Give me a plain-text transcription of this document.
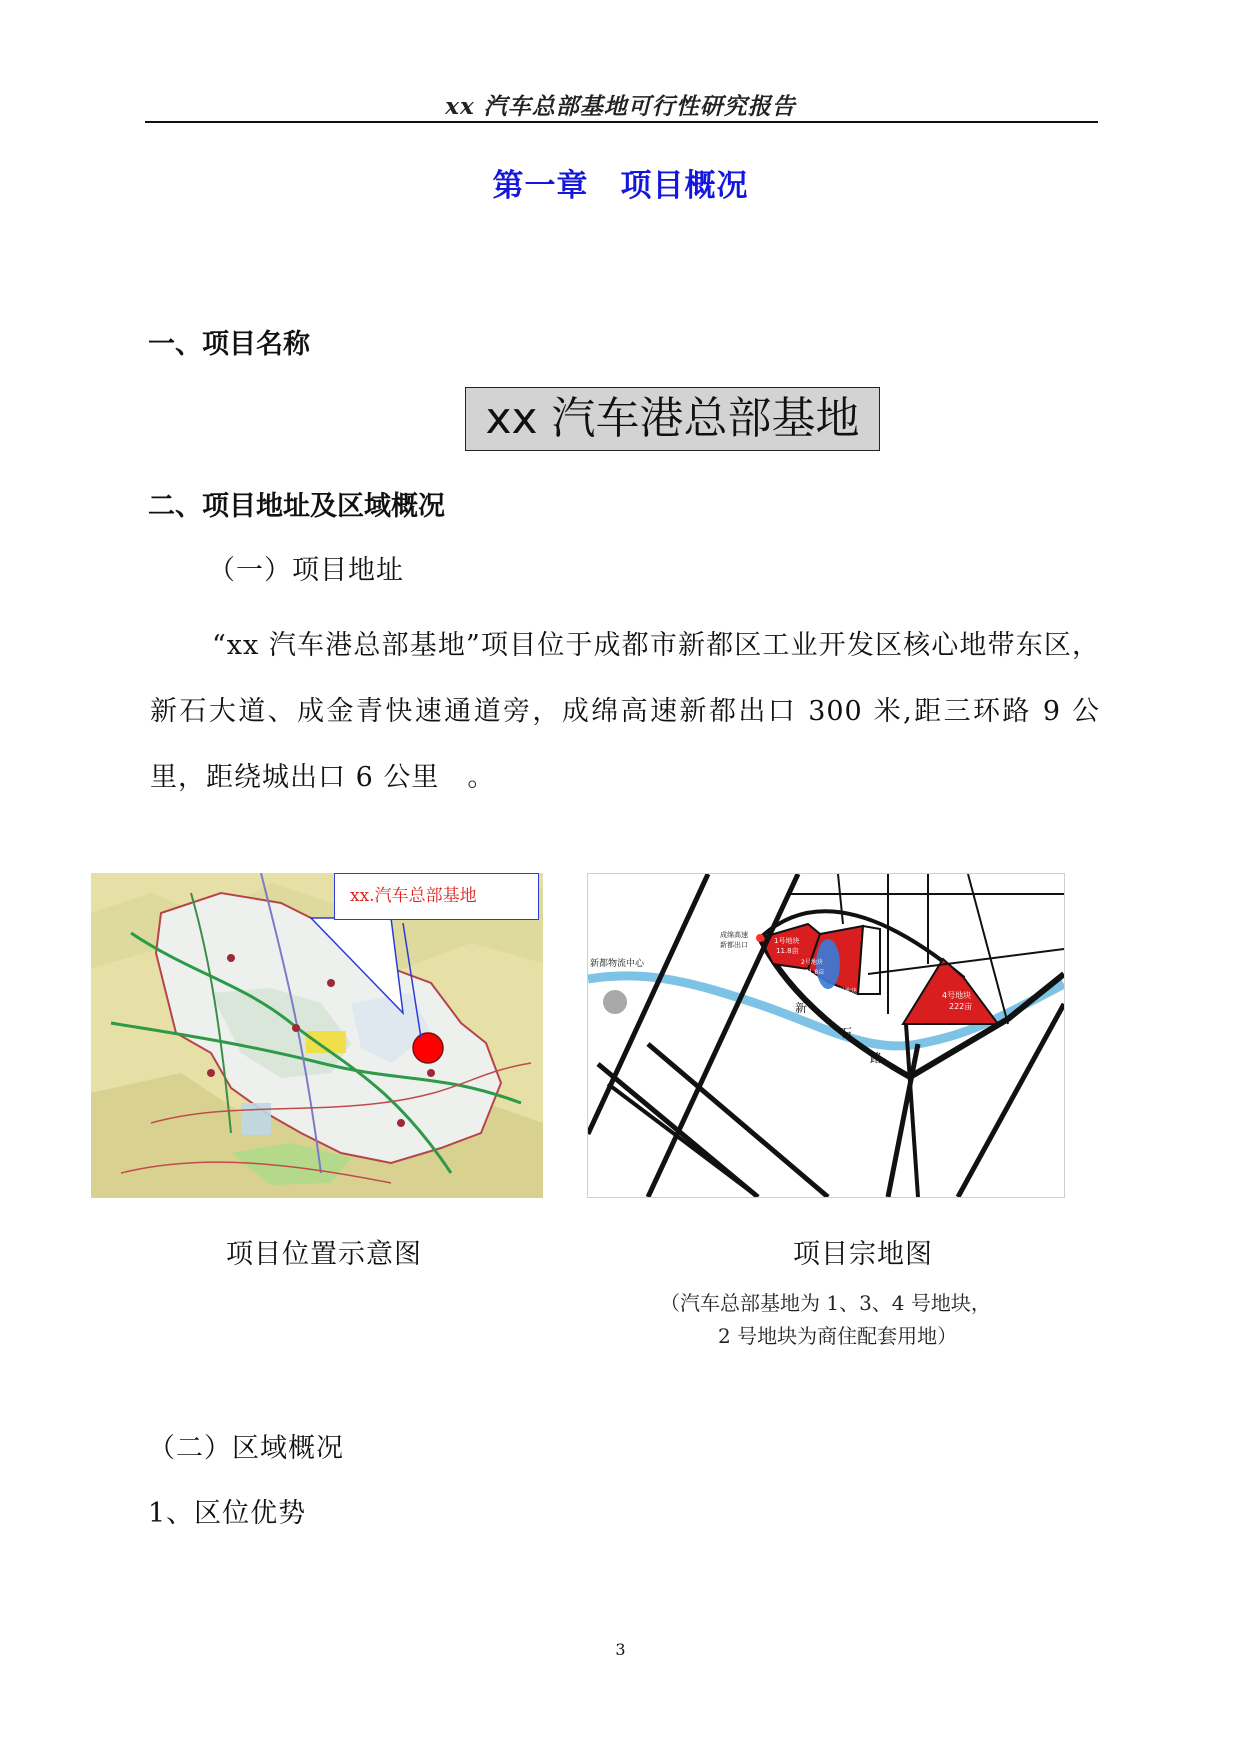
xx 汽车总部基地可行性研究报告
第一章　项目概况
一、项目名称
xx 汽车港总部基地
二、项目地址及区域概况
（一）项目地址
“xx 汽车港总部基地”项目位于成都市新都区工业开发区核心地带东区，新石大道、成金青快速通道旁，成绵高速新都出口 300 米,距三环路 9 公里，距绕城出口 6 公里　。
xx.汽车总部基地
新都物流中心
成绵高速
新都出口	1号地块
11.8亩
2号地块
171.8亩
3号地块
64.9亩
4号地块
222亩
新
石
路
项目位置示意图	项目宗地图
（汽车总部基地为 1、3、4 号地块，
2 号地块为商住配套用地）
（二）区域概况
1、区位优势
3
